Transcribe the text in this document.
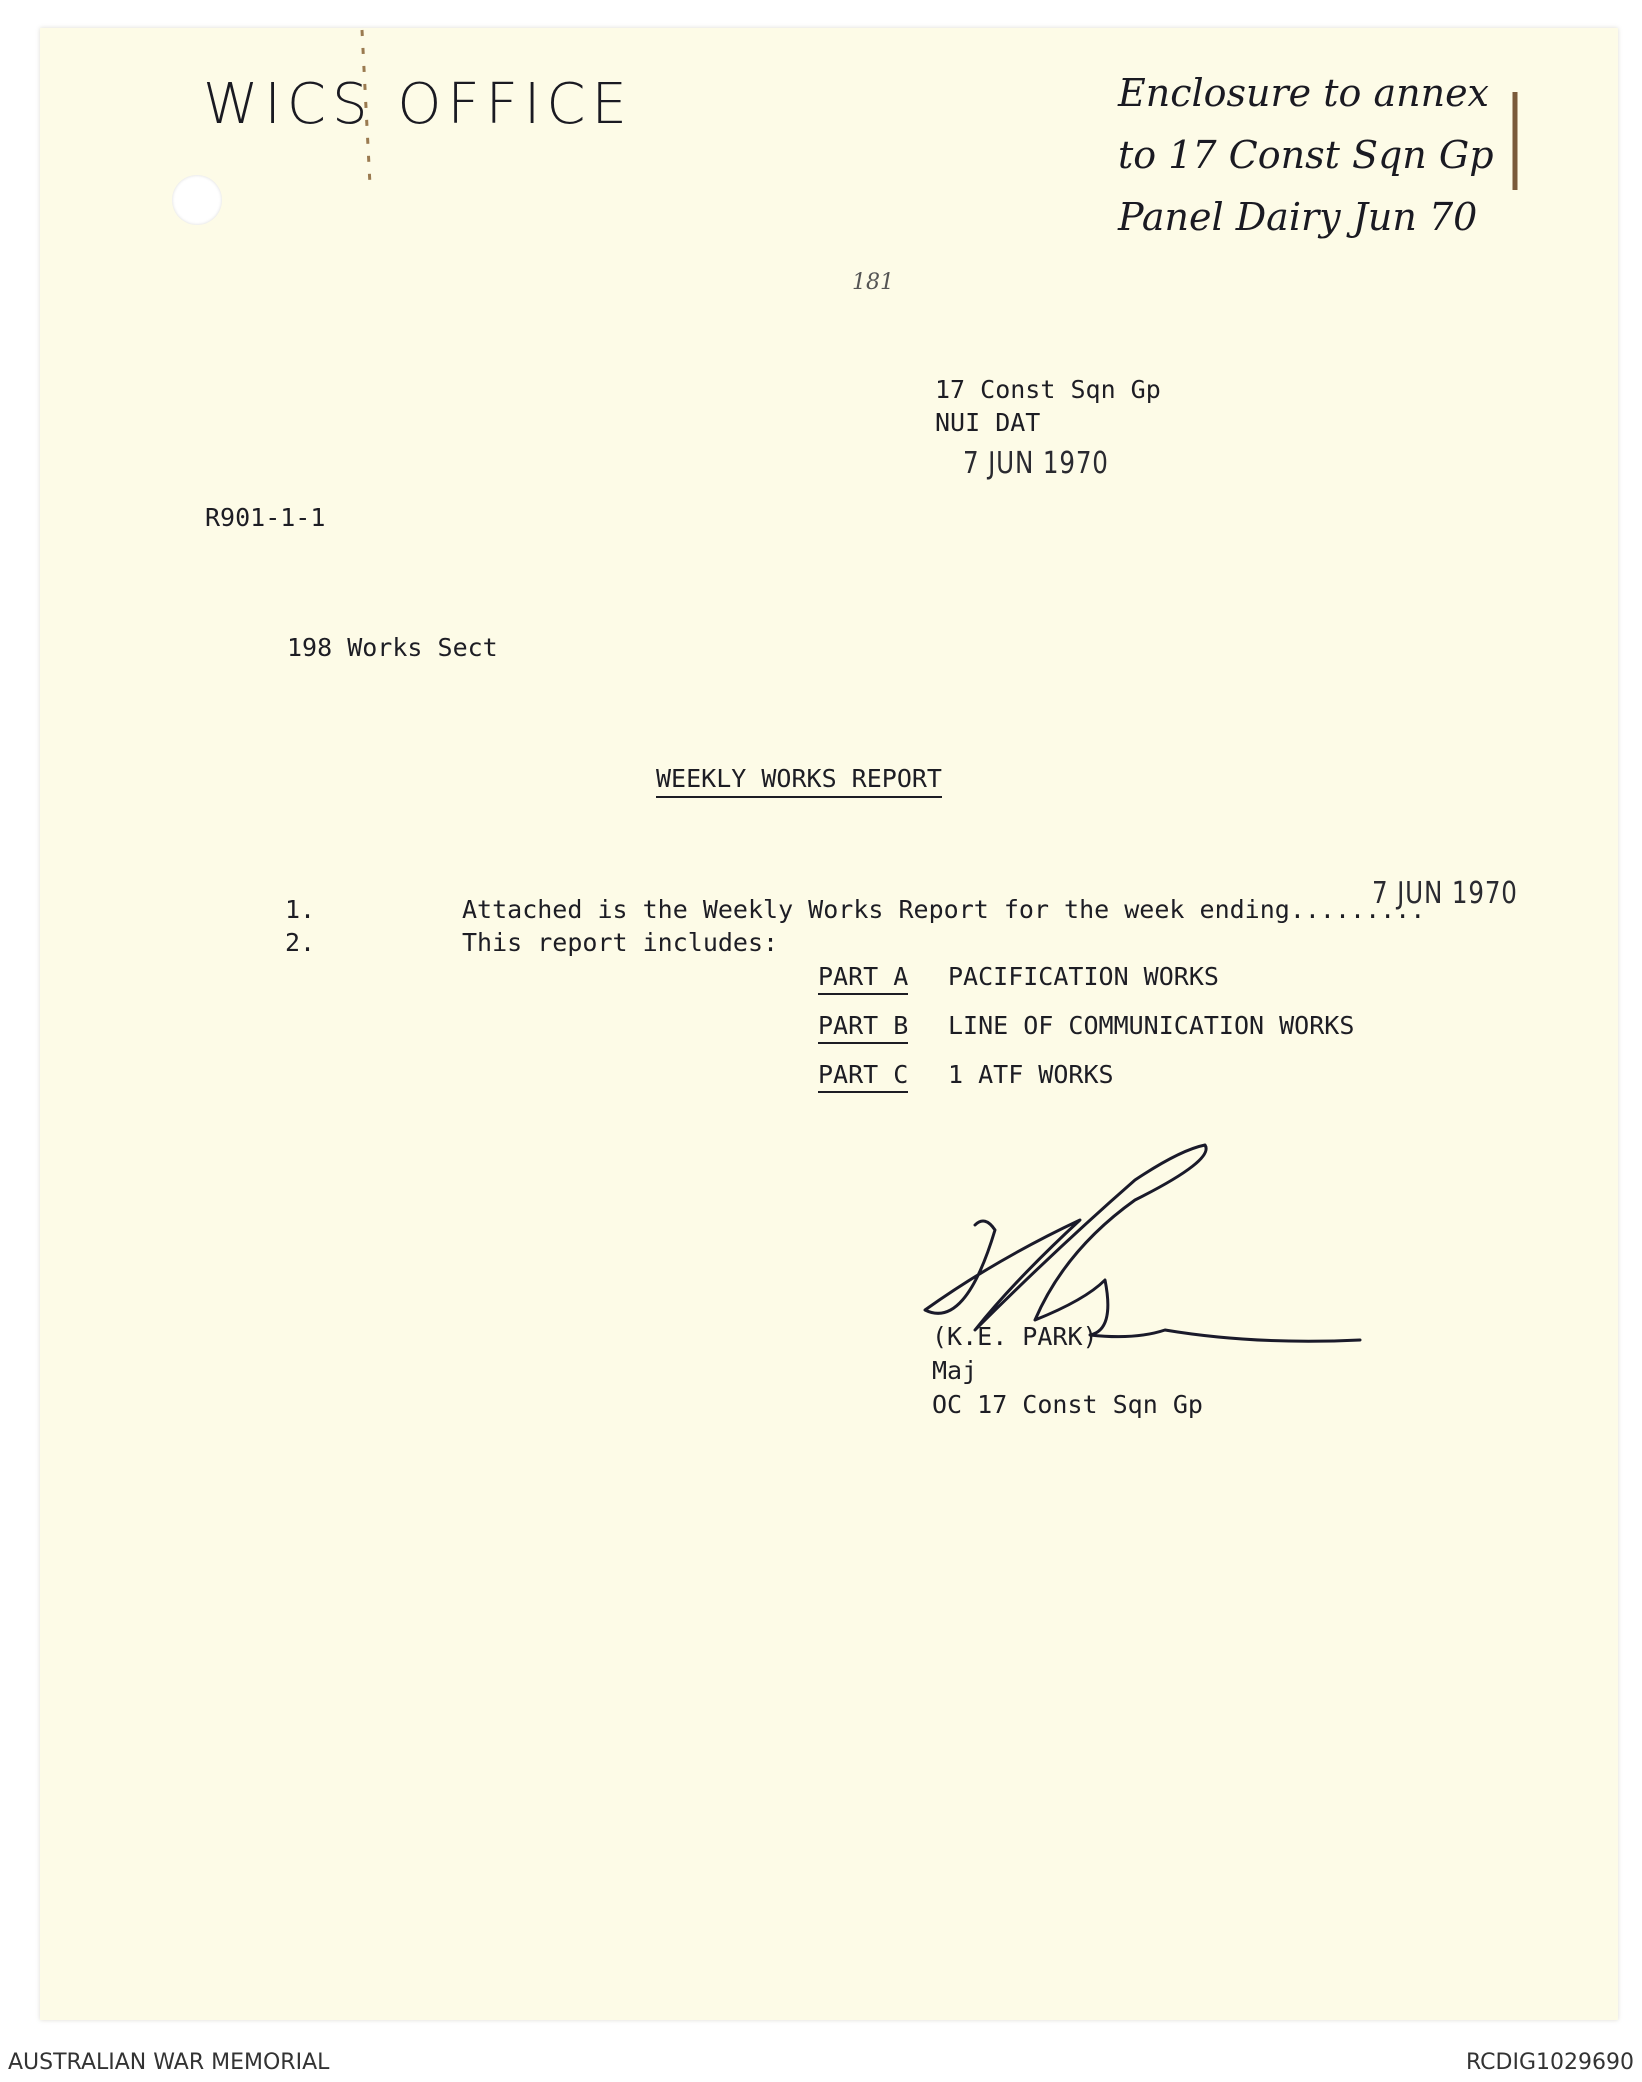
WICS OFFICE	Enclosure to annex
to 17 Const Sqn Gp
Panel Dairy Jun 70
181
17 Const Sqn Gp
NUI DAT
7 JUN 1970
R901-1-1
198 Works Sect
WEEKLY WORKS REPORT
1.	Attached is the Weekly Works Report for the week ending.........
7 JUN 1970
2.	This report includes:
PART A PACIFICATION WORKS
PART B LINE OF COMMUNICATION WORKS
PART C 1 ATF WORKS
(K.E. PARK)
Maj
OC 17 Const Sqn Gp
AUSTRALIAN WAR MEMORIAL	RCDIG1029690
